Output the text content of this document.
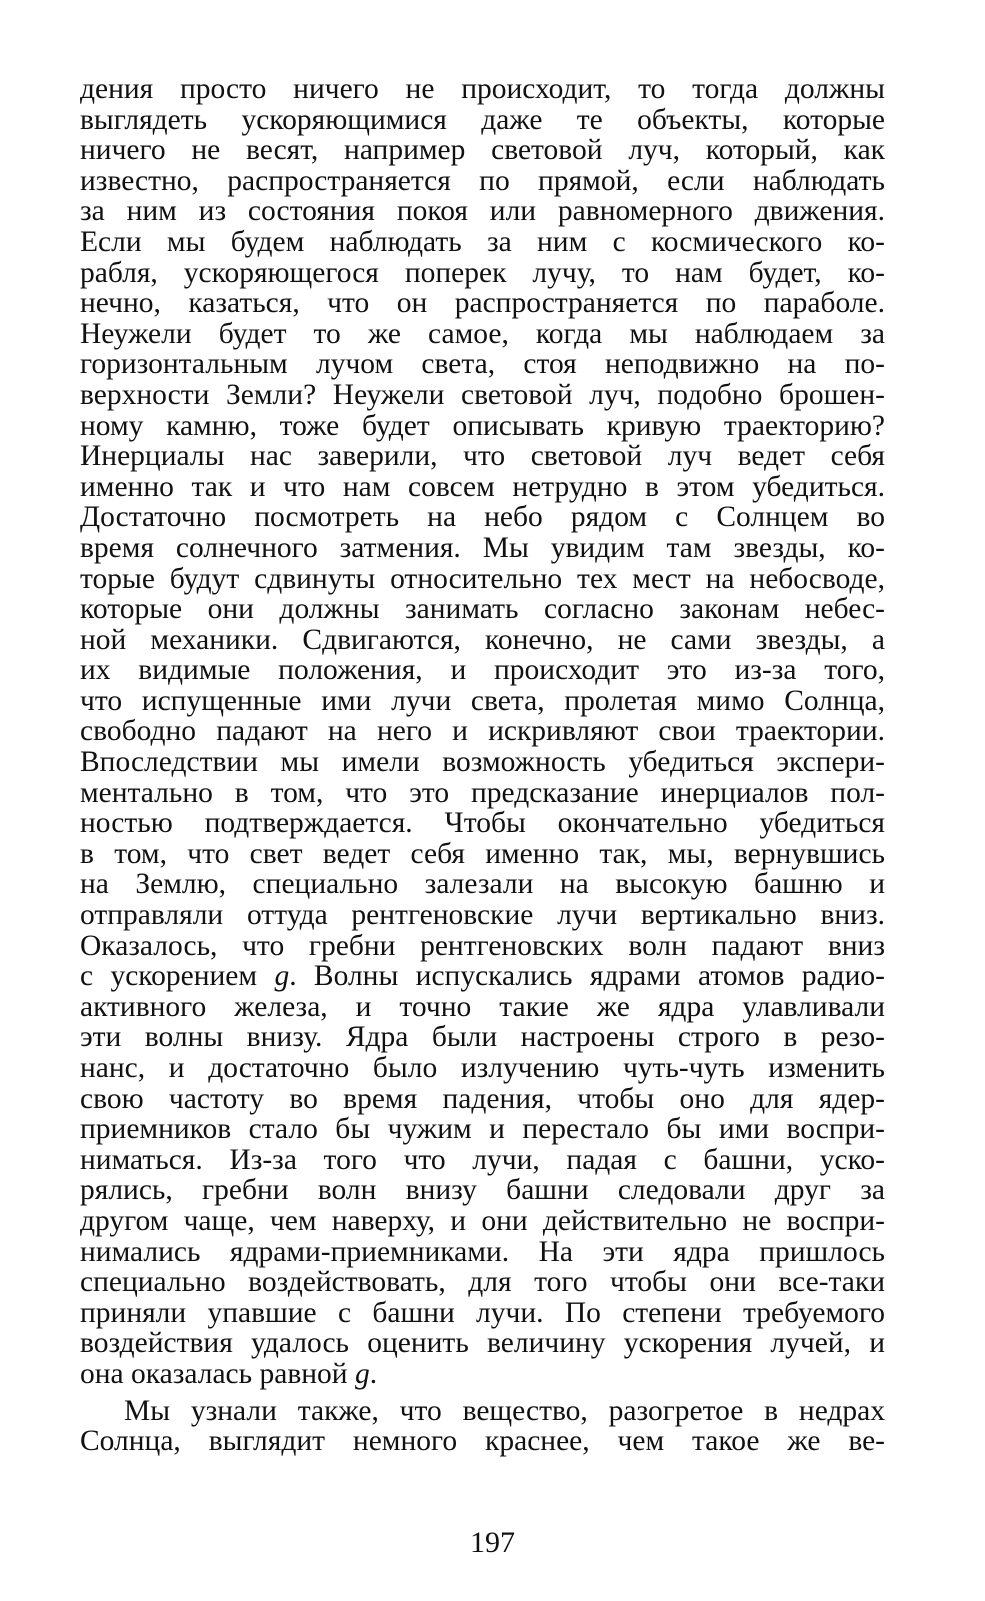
дения просто ничего не происходит, то тогда должны
выглядеть ускоряющимися даже те объекты, которые
ничего не весят, например световой луч, который, как
известно, распространяется по прямой, если наблюдать
за ним из состояния покоя или равномерного движения.
Если мы будем наблюдать за ним с космического ко-
рабля, ускоряющегося поперек лучу, то нам будет, ко-
нечно, казаться, что он распространяется по параболе.
Неужели будет то же самое, когда мы наблюдаем за
горизонтальным лучом света, стоя неподвижно на по-
верхности Земли? Неужели световой луч, подобно брошен-
ному камню, тоже будет описывать кривую траекторию?
Инерциалы нас заверили, что световой луч ведет себя
именно так и что нам совсем нетрудно в этом убедиться.
Достаточно посмотреть на небо рядом с Солнцем во
время солнечного затмения. Мы увидим там звезды, ко-
торые будут сдвинуты относительно тех мест на небосводе,
которые они должны занимать согласно законам небес-
ной механики. Сдвигаются, конечно, не сами звезды, а
их видимые положения, и происходит это из-за того,
что испущенные ими лучи света, пролетая мимо Солнца,
свободно падают на него и искривляют свои траектории.
Впоследствии мы имели возможность убедиться экспери-
ментально в том, что это предсказание инерциалов пол-
ностью подтверждается. Чтобы окончательно убедиться
в том, что свет ведет себя именно так, мы, вернувшись
на Землю, специально залезали на высокую башню и
отправляли оттуда рентгеновские лучи вертикально вниз.
Оказалось, что гребни рентгеновских волн падают вниз
с ускорением g. Волны испускались ядрами атомов радио-
активного железа, и точно такие же ядра улавливали
эти волны внизу. Ядра были настроены строго в резо-
нанс, и достаточно было излучению чуть-чуть изменить
свою частоту во время падения, чтобы оно для ядер-
приемников стало бы чужим и перестало бы ими воспри-
ниматься. Из-за того что лучи, падая с башни, уско-
рялись, гребни волн внизу башни следовали друг за
другом чаще, чем наверху, и они действительно не воспри-
нимались ядрами-приемниками. На эти ядра пришлось
специально воздействовать, для того чтобы они все-таки
приняли упавшие с башни лучи. По степени требуемого
воздействия удалось оценить величину ускорения лучей, и
она оказалась равной g.
Мы узнали также, что вещество, разогретое в недрах
Солнца, выглядит немного краснее, чем такое же ве-
197
